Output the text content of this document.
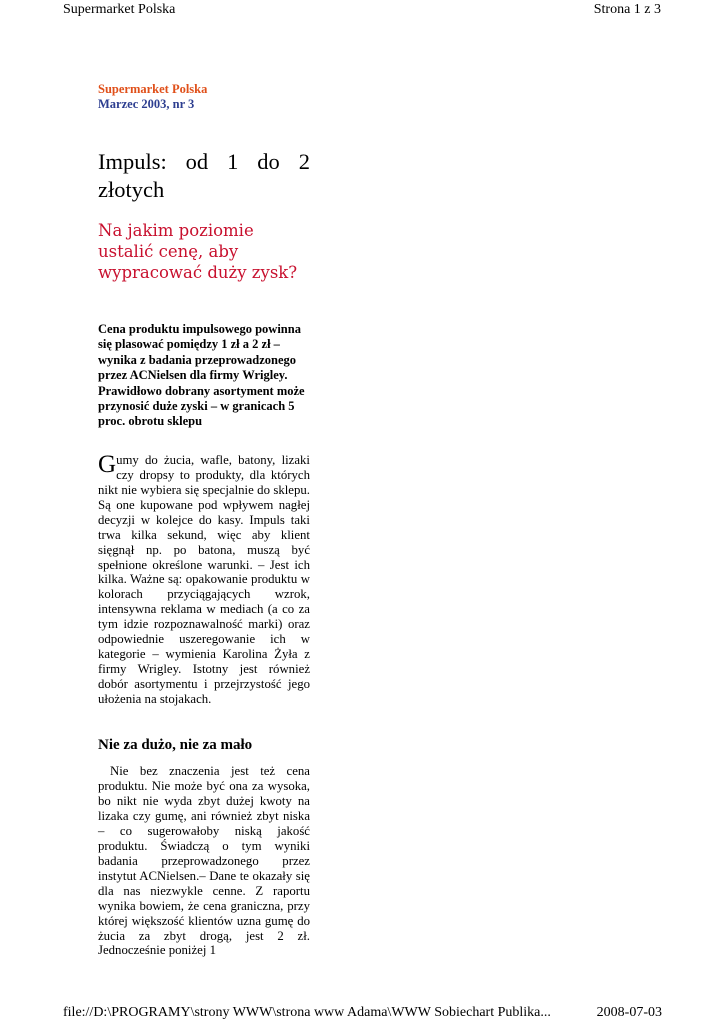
Supermarket Polska	Strona 1 z 3
Supermarket Polska
Marzec 2003, nr 3
Impuls: od 1 do 2 złotych
Na jakim poziomie ustalić cenę, aby wypracować duży zysk?
Cena produktu impulsowego powinna się plasować pomiędzy 1 zł a 2 zł – wynika z badania przeprowadzonego przez ACNielsen dla firmy Wrigley. Prawidłowo dobrany asortyment może przynosić duże zyski – w granicach 5 proc. obrotu sklepu
Gumy do żucia, wafle, batony, lizaki czy dropsy to produkty, dla których nikt nie wybiera się specjalnie do sklepu. Są one kupowane pod wpływem nagłej decyzji w kolejce do kasy. Impuls taki trwa kilka sekund, więc aby klient sięgnął np. po batona, muszą być spełnione określone warunki. – Jest ich kilka. Ważne są: opakowanie produktu w kolorach przyciągających wzrok, intensywna reklama w mediach (a co za tym idzie rozpoznawalność marki) oraz odpowiednie uszeregowanie ich w kategorie – wymienia Karolina Żyła z firmy Wrigley. Istotny jest również dobór asortymentu i przejrzystość jego ułożenia na stojakach.
Nie za dużo, nie za mało
Nie bez znaczenia jest też cena produktu. Nie może być ona za wysoka, bo nikt nie wyda zbyt dużej kwoty na lizaka czy gumę, ani również zbyt niska – co sugerowałoby niską jakość produktu. Świadczą o tym wyniki badania przeprowadzonego przez instytut ACNielsen.– Dane te okazały się dla nas niezwykle cenne. Z raportu wynika bowiem, że cena graniczna, przy której większość klientów uzna gumę do żucia za zbyt drogą, jest 2 zł. Jednocześnie poniżej 1
file://D:\PROGRAMY\strony WWW\strona www Adama\WWW Sobiechart Publika...	2008-07-03
